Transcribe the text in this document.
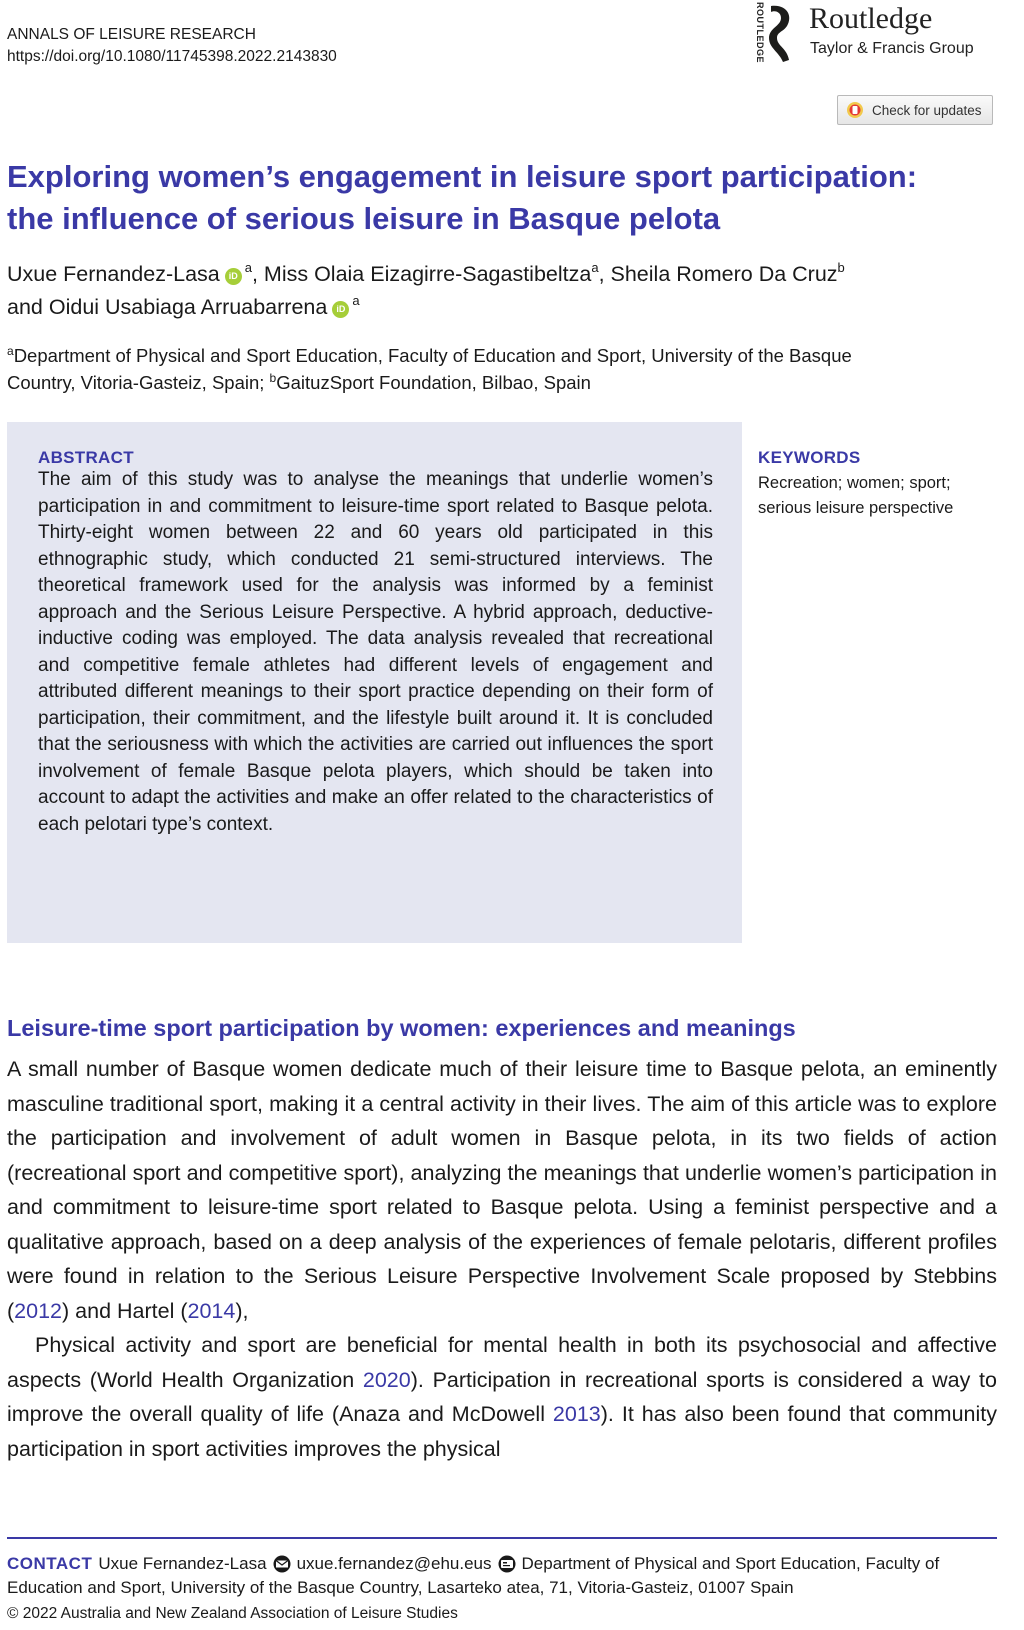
ANNALS OF LEISURE RESEARCH
https://doi.org/10.1080/11745398.2022.2143830	ROUTLEDGE Routledge
Taylor & Francis Group
Check for updates
Exploring women’s engagement in leisure sport participation:
the influence of serious leisure in Basque pelota
Uxue Fernandez-Lasa $iD^a$, Miss Olaia Eizagirre-Sagastibeltza$^a$, Sheila Romero Da Cruz$^b$
and Oidui Usabiaga Arruabarrena $iD^a$
$^a$Department of Physical and Sport Education, Faculty of Education and Sport, University of the Basque
Country, Vitoria-Gasteiz, Spain; $^b$GaituzSport Foundation, Bilbao, Spain
ABSTRACT
The aim of this study was to analyse the meanings that underlie women’s participation in and commitment to leisure-time sport related to Basque pelota. Thirty-eight women between 22 and 60 years old participated in this ethnographic study, which conducted 21 semi-structured interviews. The theoretical framework used for the analysis was informed by a feminist approach and the Serious Leisure Perspective. A hybrid approach, deductive-inductive coding was employed. The data analysis revealed that recreational and competitive female athletes had different levels of engagement and attributed different meanings to their sport practice depending on their form of participation, their commitment, and the lifestyle built around it. It is concluded that the seriousness with which the activities are carried out influences the sport involvement of female Basque pelota players, which should be taken into account to adapt the activities and make an offer related to the characteristics of each pelotari type’s context.
KEYWORDS
Recreation; women; sport;
serious leisure perspective
Leisure-time sport participation by women: experiences and meanings

A small number of Basque women dedicate much of their leisure time to Basque pelota, an eminently masculine traditional sport, making it a central activity in their lives. The aim of this article was to explore the participation and involvement of adult women in Basque pelota, in its two fields of action (recreational sport and competitive sport), analyzing the meanings that underlie women’s participation in and commitment to leisure-time sport related to Basque pelota. Using a feminist perspective and a qualitative approach, based on a deep analysis of the experiences of female pelotaris, different profiles were found in relation to the Serious Leisure Perspective Involvement Scale proposed by Stebbins (2012) and Hartel (2014),

Physical activity and sport are beneficial for mental health in both its psychosocial and affective aspects (World Health Organization 2020). Participation in recreational sports is considered a way to improve the overall quality of life (Anaza and McDowell 2013). It has also been found that community participation in sport activities improves the physical

CONTACT Uxue Fernandez-Lasa uxue.fernandez@ehu.eus Department of Physical and Sport Education, Faculty of Education and Sport, University of the Basque Country, Lasarteko atea, 71, Vitoria-Gasteiz, 01007 Spain
© 2022 Australia and New Zealand Association of Leisure Studies
